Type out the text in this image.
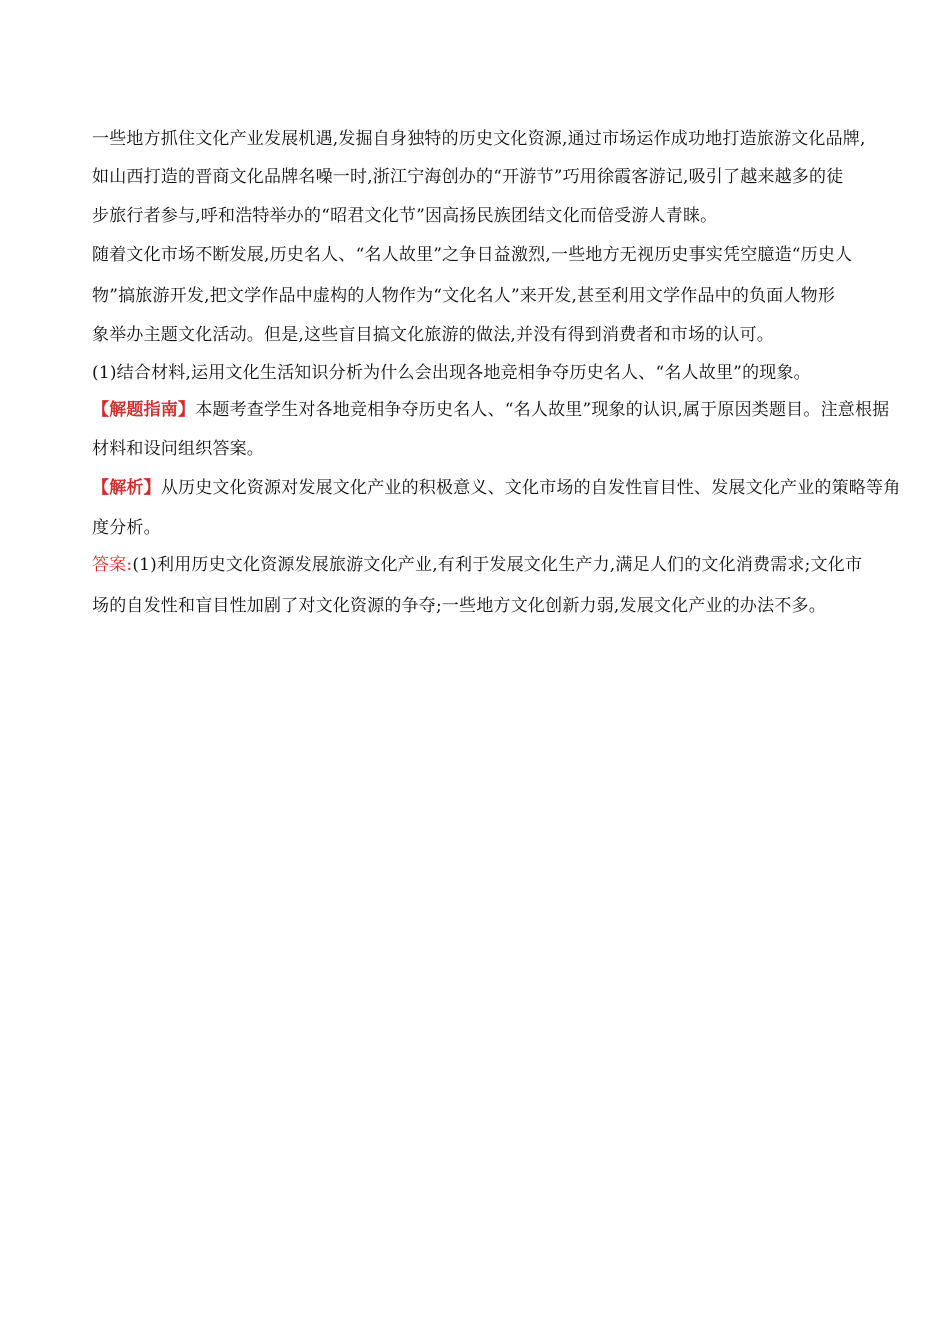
一些地方抓住文化产业发展机遇,发掘自身独特的历史文化资源,通过市场运作成功地打造旅游文化品牌,
如山西打造的晋商文化品牌名噪一时,浙江宁海创办的“开游节”巧用徐霞客游记,吸引了越来越多的徒
步旅行者参与,呼和浩特举办的“昭君文化节”因高扬民族团结文化而倍受游人青睐。
随着文化市场不断发展,历史名人、“名人故里”之争日益激烈,一些地方无视历史事实凭空臆造“历史人
物”搞旅游开发,把文学作品中虚构的人物作为“文化名人”来开发,甚至利用文学作品中的负面人物形
象举办主题文化活动。但是,这些盲目搞文化旅游的做法,并没有得到消费者和市场的认可。
(1)结合材料,运用文化生活知识分析为什么会出现各地竞相争夺历史名人、“名人故里”的现象。
【解题指南】本题考查学生对各地竞相争夺历史名人、“名人故里”现象的认识,属于原因类题目。注意根据
材料和设问组织答案。
【解析】从历史文化资源对发展文化产业的积极意义、文化市场的自发性盲目性、发展文化产业的策略等角
度分析。
答案:(1)利用历史文化资源发展旅游文化产业,有利于发展文化生产力,满足人们的文化消费需求;文化市
场的自发性和盲目性加剧了对文化资源的争夺;一些地方文化创新力弱,发展文化产业的办法不多。
